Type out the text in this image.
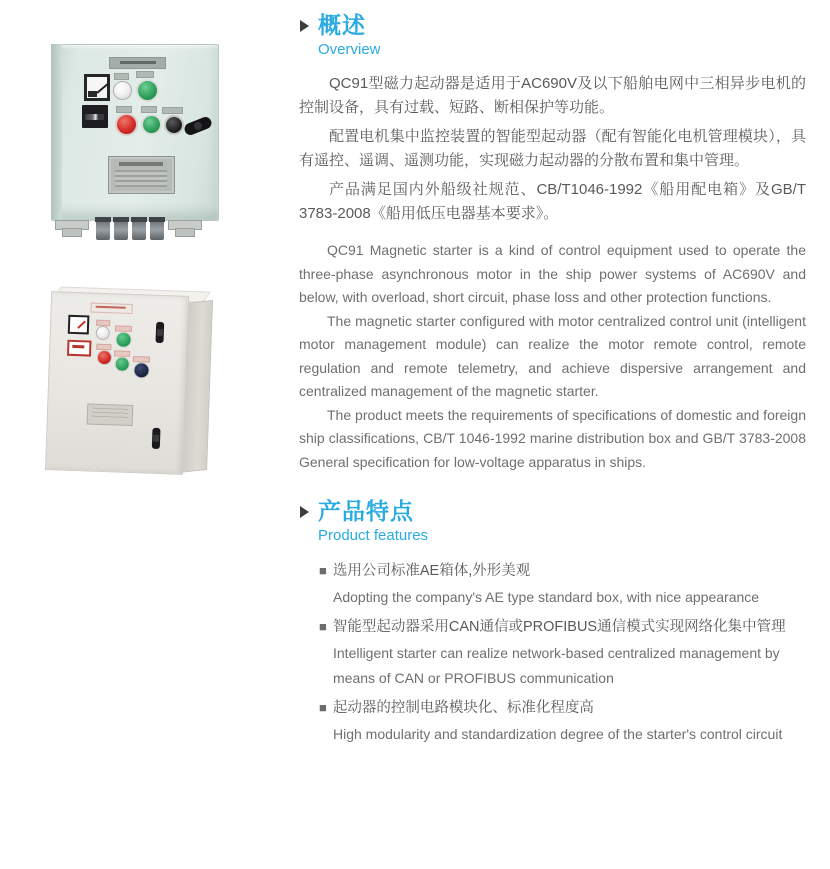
概述
Overview

QC91型磁力起动器是适用于AC690V及以下船舶电网中三相异步电机的控制设备，具有过载、短路、断相保护等功能。

配置电机集中监控装置的智能型起动器（配有智能化电机管理模块），具有遥控、遥调、遥测功能，实现磁力起动器的分散布置和集中管理。

产品满足国内外船级社规范、CB/T1046-1992《船用配电箱》及GB/T 3783-2008《船用低压电器基本要求》。

QC91 Magnetic starter is a kind of control equipment used to operate the three-phase asynchronous motor in the ship power systems of AC690V and below, with overload, short circuit, phase loss and other protection functions.

The magnetic starter configured with motor centralized control unit (intelligent motor management module) can realize the motor remote control, remote regulation and remote telemetry, and achieve dispersive arrangement and centralized management of the magnetic starter.

The product meets the requirements of specifications of domestic and foreign ship classifications, CB/T 1046-1992 marine distribution box and GB/T 3783-2008 General specification for low-voltage apparatus in ships.

产品特点
Product features
■ 选用公司标准AE箱体,外形美观
Adopting the company's AE type standard box, with nice appearance
■ 智能型起动器采用CAN通信或PROFIBUS通信模式实现网络化集中管理
Intelligent starter can realize network-based centralized management by means of CAN or PROFIBUS communication
■ 起动器的控制电路模块化、标准化程度高
High modularity and standardization degree of the starter's control circuit
